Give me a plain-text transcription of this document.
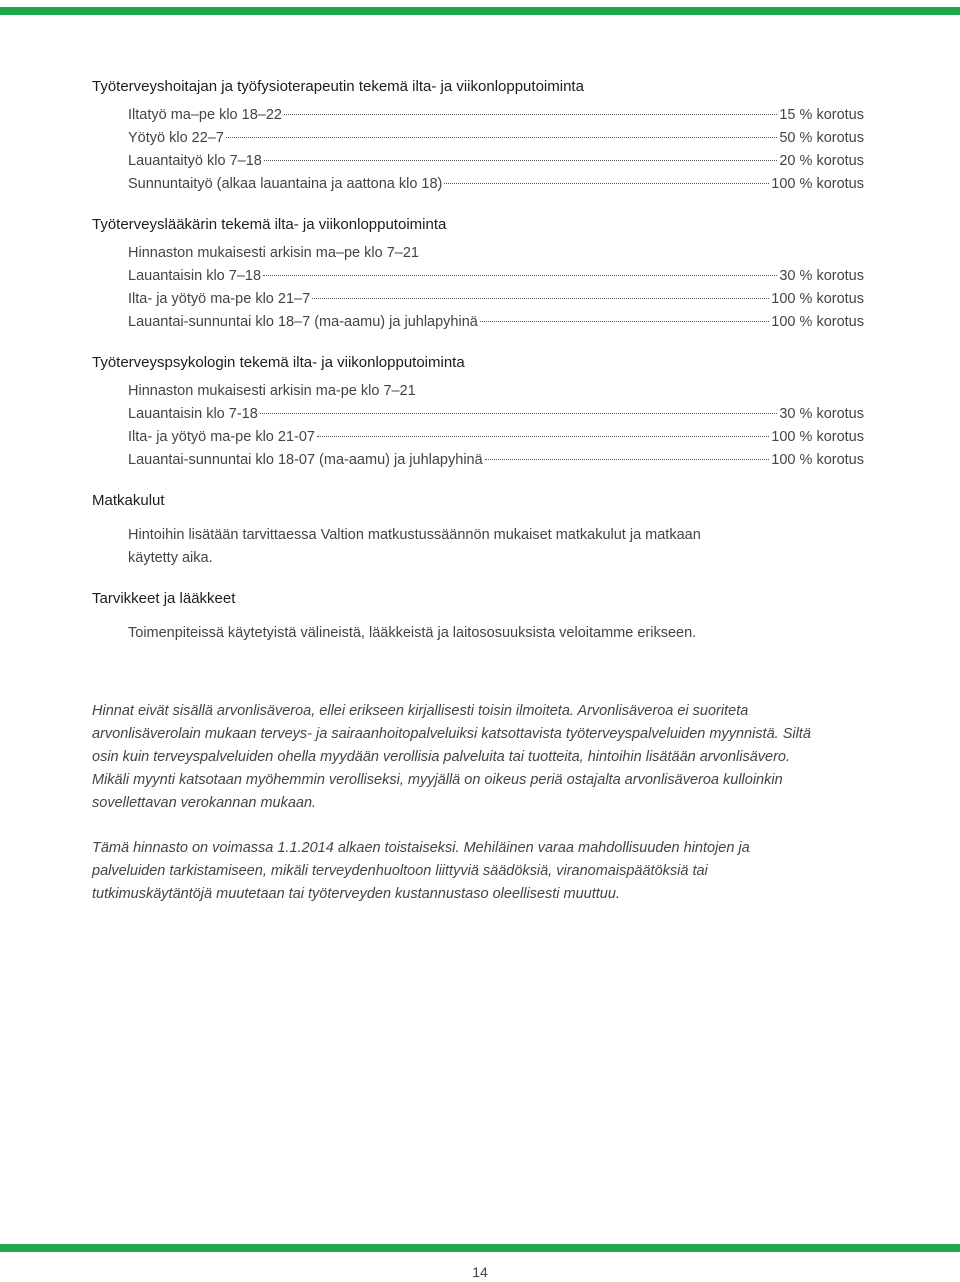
Työterveyshoitajan ja työfysioterapeutin tekemä ilta- ja viikonlopputoiminta
Iltatyö ma–pe klo 18–22	15 % korotus
Yötyö klo 22–7	50 % korotus
Lauantaityö klo 7–18	20 % korotus
Sunnuntaityö (alkaa lauantaina ja aattona klo 18)	100 % korotus
Työterveyslääkärin tekemä ilta- ja viikonlopputoiminta
Hinnaston mukaisesti arkisin ma–pe klo 7–21
Lauantaisin klo 7–18	30 % korotus
Ilta- ja yötyö ma-pe klo 21–7	100 % korotus
Lauantai-sunnuntai klo 18–7 (ma-aamu) ja juhlapyhinä	100 % korotus
Työterveyspsykologin tekemä ilta- ja viikonlopputoiminta
Hinnaston mukaisesti arkisin ma-pe klo 7–21
Lauantaisin klo 7-18	30 % korotus
Ilta- ja yötyö ma-pe klo 21-07	100 % korotus
Lauantai-sunnuntai klo 18-07 (ma-aamu) ja juhlapyhinä	100 % korotus
Matkakulut
Hintoihin lisätään tarvittaessa Valtion matkustussäännön mukaiset matkakulut ja matkaan käytetty aika.
Tarvikkeet ja lääkkeet
Toimenpiteissä käytetyistä välineistä, lääkkeistä ja laitososuuksista veloitamme erikseen.

Hinnat eivät sisällä arvonlisäveroa, ellei erikseen kirjallisesti toisin ilmoiteta. Arvonlisäveroa ei suoriteta arvonlisäverolain mukaan terveys- ja sairaanhoitopalveluiksi katsottavista työterveyspalveluiden myynnistä. Siltä osin kuin terveyspalveluiden ohella myydään verollisia palveluita tai tuotteita, hintoihin lisätään arvonlisävero. Mikäli myynti katsotaan myöhemmin verolliseksi, myyjällä on oikeus periä ostajalta arvonlisäveroa kulloinkin sovellettavan verokannan mukaan.

Tämä hinnasto on voimassa 1.1.2014 alkaen toistaiseksi. Mehiläinen varaa mahdollisuuden hintojen ja palveluiden tarkistamiseen, mikäli terveydenhuoltoon liittyviä säädöksiä, viranomaispäätöksiä tai tutkimuskäytäntöjä muutetaan tai työterveyden kustannustaso oleellisesti muuttuu.

14
